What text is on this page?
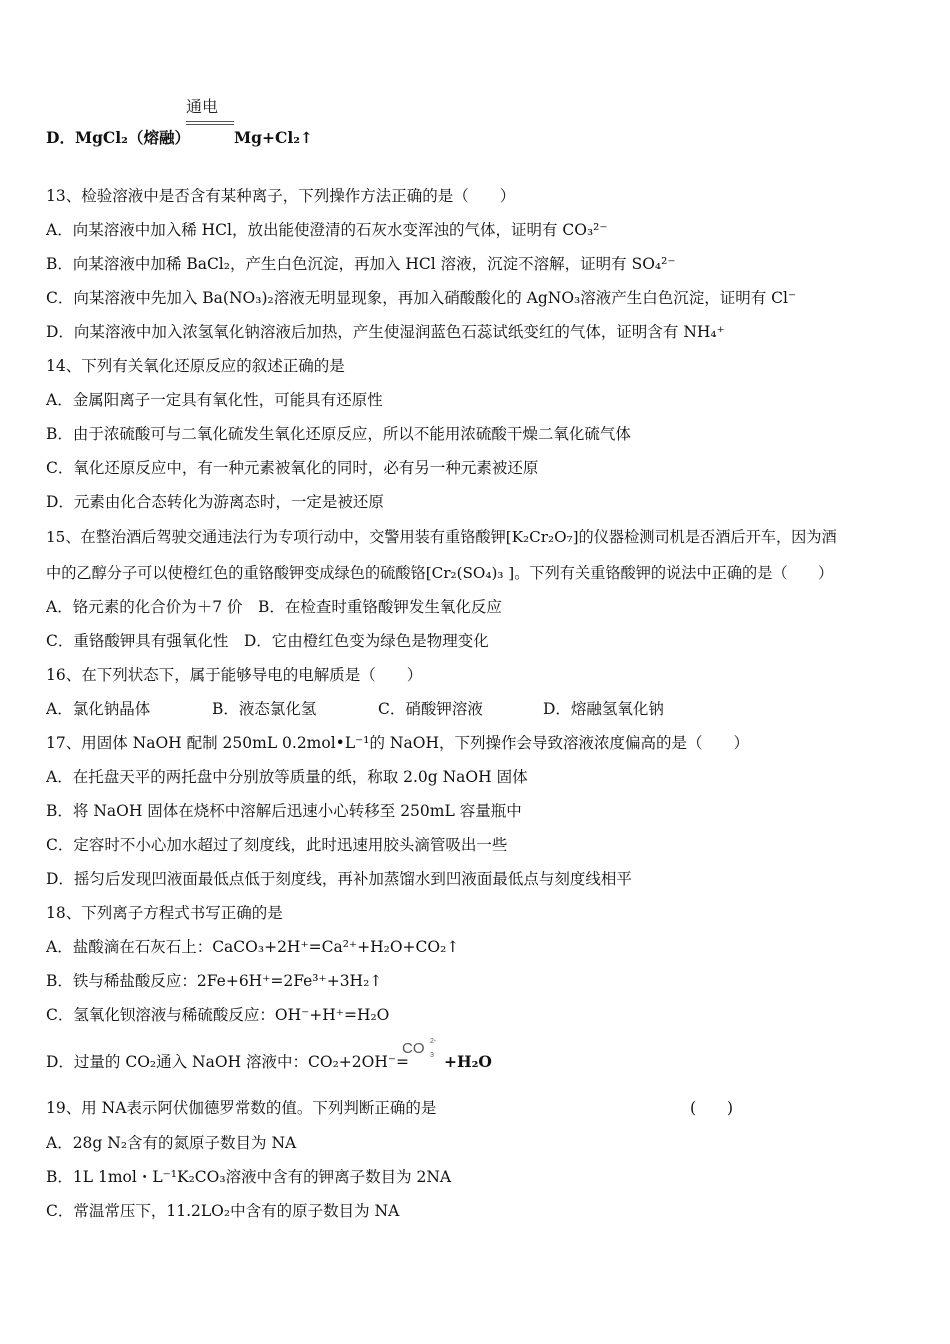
通电
D．MgCl₂（熔融）	Mg+Cl₂↑
13、检验溶液中是否含有某种离子，下列操作方法正确的是（　　）
A．向某溶液中加入稀 HCl，放出能使澄清的石灰水变浑浊的气体，证明有 CO₃²⁻
B．向某溶液中加稀 BaCl₂，产生白色沉淀，再加入 HCl 溶液，沉淀不溶解，证明有 SO₄²⁻
C．向某溶液中先加入 Ba(NO₃)₂溶液无明显现象，再加入硝酸酸化的 AgNO₃溶液产生白色沉淀，证明有 Cl⁻
D．向某溶液中加入浓氢氧化钠溶液后加热，产生使湿润蓝色石蕊试纸变红的气体，证明含有 NH₄⁺
14、下列有关氧化还原反应的叙述正确的是
A．金属阳离子一定具有氧化性，可能具有还原性
B．由于浓硫酸可与二氧化硫发生氧化还原反应，所以不能用浓硫酸干燥二氧化硫气体
C．氧化还原反应中，有一种元素被氧化的同时，必有另一种元素被还原
D．元素由化合态转化为游离态时，一定是被还原
15、在整治酒后驾驶交通违法行为专项行动中，交警用装有重铬酸钾[K₂Cr₂O₇]的仪器检测司机是否酒后开车，因为酒
中的乙醇分子可以使橙红色的重铬酸钾变成绿色的硫酸铬[Cr₂(SO₄)₃ ]。下列有关重铬酸钾的说法中正确的是（　　）
A．铬元素的化合价为＋7 价　B．在检查时重铬酸钾发生氧化反应
C．重铬酸钾具有强氧化性　D．它由橙红色变为绿色是物理变化
16、在下列状态下，属于能够导电的电解质是（　　）
A．氯化钠晶体	B．液态氯化氢	C．硝酸钾溶液	D．熔融氢氧化钠
17、用固体 NaOH 配制 250mL 0.2mol•L⁻¹的 NaOH，下列操作会导致溶液浓度偏高的是（　　）
A．在托盘天平的两托盘中分别放等质量的纸，称取 2.0g NaOH 固体
B．将 NaOH 固体在烧杯中溶解后迅速小心转移至 250mL 容量瓶中
C．定容时不小心加水超过了刻度线，此时迅速用胶头滴管吸出一些
D．摇匀后发现凹液面最低点低于刻度线，再补加蒸馏水到凹液面最低点与刻度线相平
18、下列离子方程式书写正确的是
A．盐酸滴在石灰石上：CaCO₃+2H⁺=Ca²⁺+H₂O+CO₂↑
B．铁与稀盐酸反应：2Fe+6H⁺=2Fe³⁺+3H₂↑
C．氢氧化钡溶液与稀硫酸反应：OH⁻+H⁺=H₂O
D．过量的 CO₂通入 NaOH 溶液中：CO₂+2OH⁻=
CO 2-
3 +H₂O
19、用 NA表示阿伏伽德罗常数的值。下列判断正确的是	(　　)
A．28g N₂含有的氮原子数目为 NA
B．1L 1mol・L⁻¹K₂CO₃溶液中含有的钾离子数目为 2NA
C．常温常压下，11.2LO₂中含有的原子数目为 NA
